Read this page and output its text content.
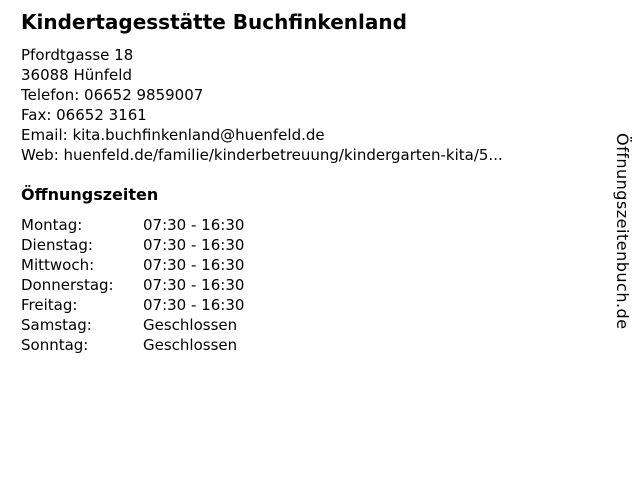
Kindertagesstätte Buchfinkenland
Pfordtgasse 18
36088 Hünfeld
Telefon: 06652 9859007
Fax: 06652 3161
Email: kita.buchfinkenland@huenfeld.de
Web: huenfeld.de/familie/kinderbetreuung/kindergarten-kita/5...
Öffnungszeiten
Montag:	07:30 - 16:30
Dienstag:	07:30 - 16:30
Mittwoch:	07:30 - 16:30
Donnerstag: 07:30 - 16:30
Freitag:	07:30 - 16:30
Samstag:	Geschlossen
Sonntag:	Geschlossen
Öffnungszeitenbuch.de
